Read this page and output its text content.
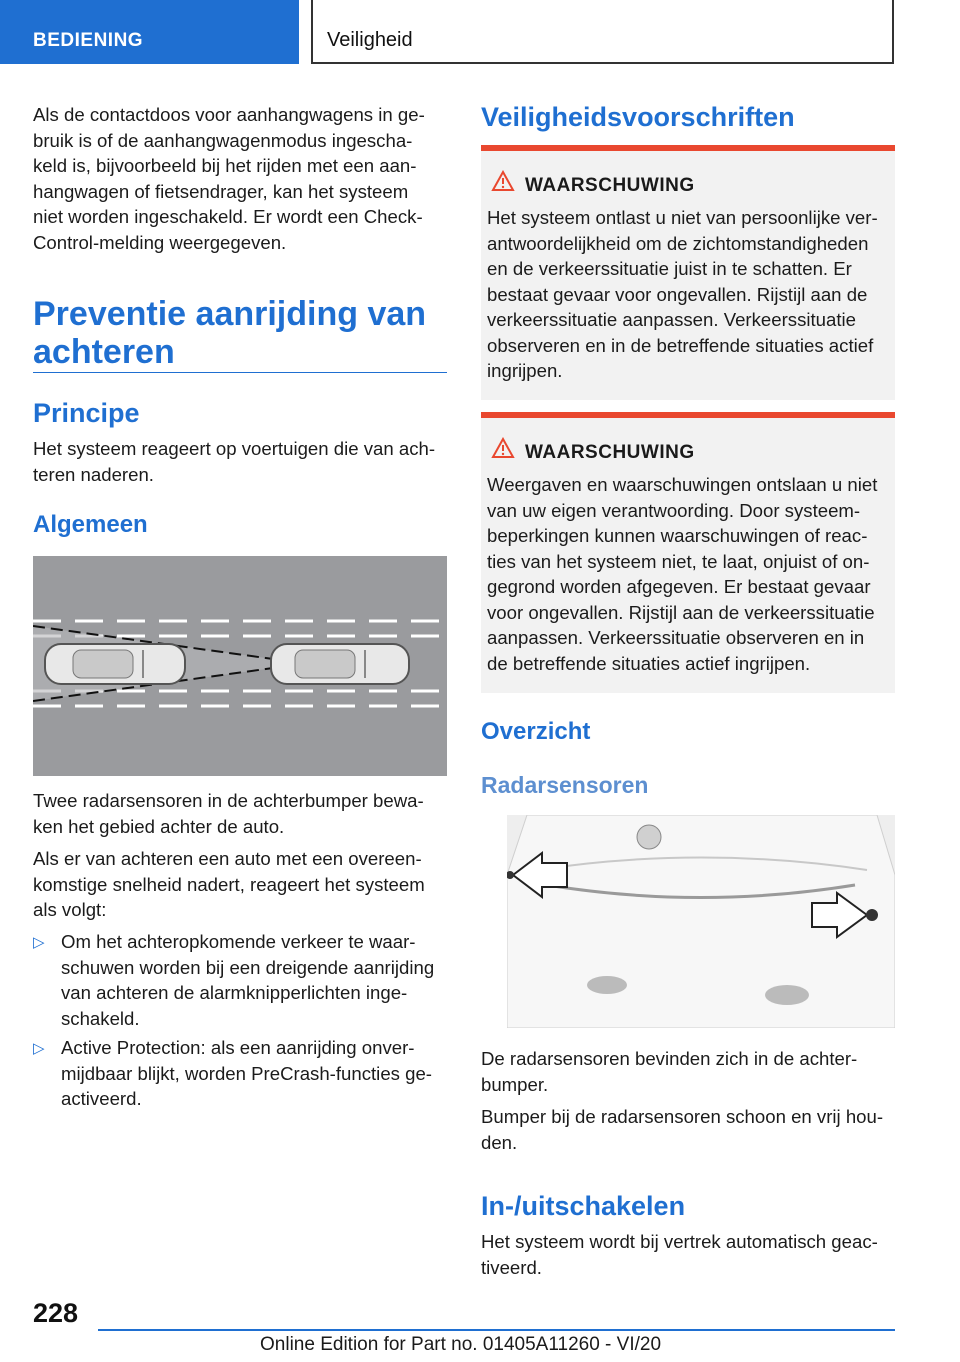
BEDIENING	Veiligheid
Als de contactdoos voor aanhangwagens in ge-
bruik is of de aanhangwagenmodus ingescha-
keld is, bijvoorbeeld bij het rijden met een aan-
hangwagen of fietsendrager, kan het systeem
niet worden ingeschakeld. Er wordt een Check-
Control-melding weergegeven.
Preventie aanrijding van
achteren
Principe
Het systeem reageert op voertuigen die van ach-
teren naderen.
Algemeen
Twee radarsensoren in de achterbumper bewa-
ken het gebied achter de auto.
Als er van achteren een auto met een overeen-
komstige snelheid nadert, reageert het systeem
als volgt:
▷ Om het achteropkomende verkeer te waar-
schuwen worden bij een dreigende aanrijding
van achteren de alarmknipperlichten inge-
schakeld.
▷ Active Protection: als een aanrijding onver-
mijdbaar blijkt, worden PreCrash-functies ge-
activeerd.
Veiligheidsvoorschriften
WAARSCHUWING
Het systeem ontlast u niet van persoonlijke ver-
antwoordelijkheid om de zichtomstandigheden
en de verkeerssituatie juist in te schatten. Er
bestaat gevaar voor ongevallen. Rijstijl aan de
verkeerssituatie aanpassen. Verkeerssituatie
observeren en in de betreffende situaties actief
ingrijpen.
WAARSCHUWING
Weergaven en waarschuwingen ontslaan u niet
van uw eigen verantwoording. Door systeem-
beperkingen kunnen waarschuwingen of reac-
ties van het systeem niet, te laat, onjuist of on-
gegrond worden afgegeven. Er bestaat gevaar
voor ongevallen. Rijstijl aan de verkeerssituatie
aanpassen. Verkeerssituatie observeren en in
de betreffende situaties actief ingrijpen.
Overzicht
Radarsensoren
De radarsensoren bevinden zich in de achter-
bumper.
Bumper bij de radarsensoren schoon en vrij hou-
den.
In-/uitschakelen
Het systeem wordt bij vertrek automatisch geac-
tiveerd.
228
Online Edition for Part no. 01405A11260 - VI/20
